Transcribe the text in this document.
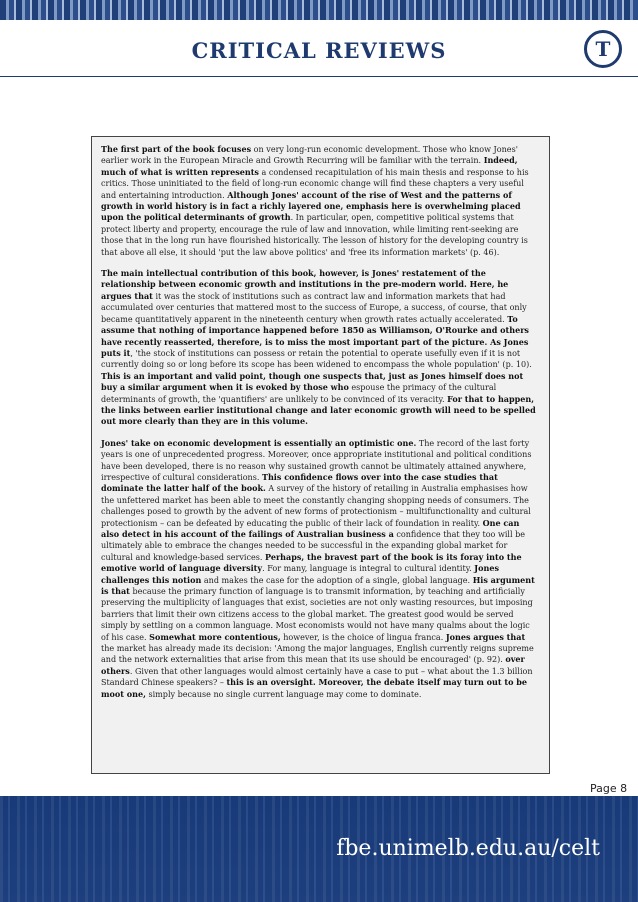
CRITICAL REVIEWS	T

The first part of the book focuses on very long-run economic development. Those who know Jones' earlier work in the European Miracle and Growth Recurring will be familiar with the terrain. Indeed, much of what is written represents a condensed recapitulation of his main thesis and response to his critics. Those uninitiated to the field of long-run economic change will find these chapters a very useful and entertaining introduction. Although Jones' account of the rise of West and the patterns of growth in world history is in fact a richly layered one, emphasis here is overwhelming placed upon the political determinants of growth. In particular, open, competitive political systems that protect liberty and property, encourage the rule of law and innovation, while limiting rent-seeking are those that in the long run have flourished historically. The lesson of history for the developing country is that above all else, it should 'put the law above politics' and 'free its information markets' (p. 46).

The main intellectual contribution of this book, however, is Jones' restatement of the relationship between economic growth and institutions in the pre-modern world. Here, he argues that it was the stock of institutions such as contract law and information markets that had accumulated over centuries that mattered most to the success of Europe, a success, of course, that only became quantitatively apparent in the nineteenth century when growth rates actually accelerated. To assume that nothing of importance happened before 1850 as Williamson, O'Rourke and others have recently reasserted, therefore, is to miss the most important part of the picture. As Jones puts it, 'the stock of institutions can possess or retain the potential to operate usefully even if it is not currently doing so or long before its scope has been widened to encompass the whole population' (p. 10). This is an important and valid point, though one suspects that, just as Jones himself does not buy a similar argument when it is evoked by those who espouse the primacy of the cultural determinants of growth, the 'quantifiers' are unlikely to be convinced of its veracity. For that to happen, the links between earlier institutional change and later economic growth will need to be spelled out more clearly than they are in this volume.

Jones' take on economic development is essentially an optimistic one. The record of the last forty years is one of unprecedented progress. Moreover, once appropriate institutional and political conditions have been developed, there is no reason why sustained growth cannot be ultimately attained anywhere, irrespective of cultural considerations. This confidence flows over into the case studies that dominate the latter half of the book. A survey of the history of retailing in Australia emphasises how the unfettered market has been able to meet the constantly changing shopping needs of consumers. The challenges posed to growth by the advent of new forms of protectionism – multifunctionality and cultural protectionism – can be defeated by educating the public of their lack of foundation in reality. One can also detect in his account of the failings of Australian business a confidence that they too will be ultimately able to embrace the changes needed to be successful in the expanding global market for cultural and knowledge-based services. Perhaps, the bravest part of the book is its foray into the emotive world of language diversity. For many, language is integral to cultural identity. Jones challenges this notion and makes the case for the adoption of a single, global language. His argument is that because the primary function of language is to transmit information, by teaching and artificially preserving the multiplicity of languages that exist, societies are not only wasting resources, but imposing barriers that limit their own citizens access to the global market. The greatest good would be served simply by settling on a common language. Most economists would not have many qualms about the logic of his case. Somewhat more contentious, however, is the choice of lingua franca. Jones argues that the market has already made its decision: 'Among the major languages, English currently reigns supreme and the network externalities that arise from this mean that its use should be encouraged' (p. 92). over others. Given that other languages would almost certainly have a case to put – what about the 1.3 billion Standard Chinese speakers? – this is an oversight. Moreover, the debate itself may turn out to be moot one, simply because no single current language may come to dominate.

Page 8
fbe.unimelb.edu.au/celt
